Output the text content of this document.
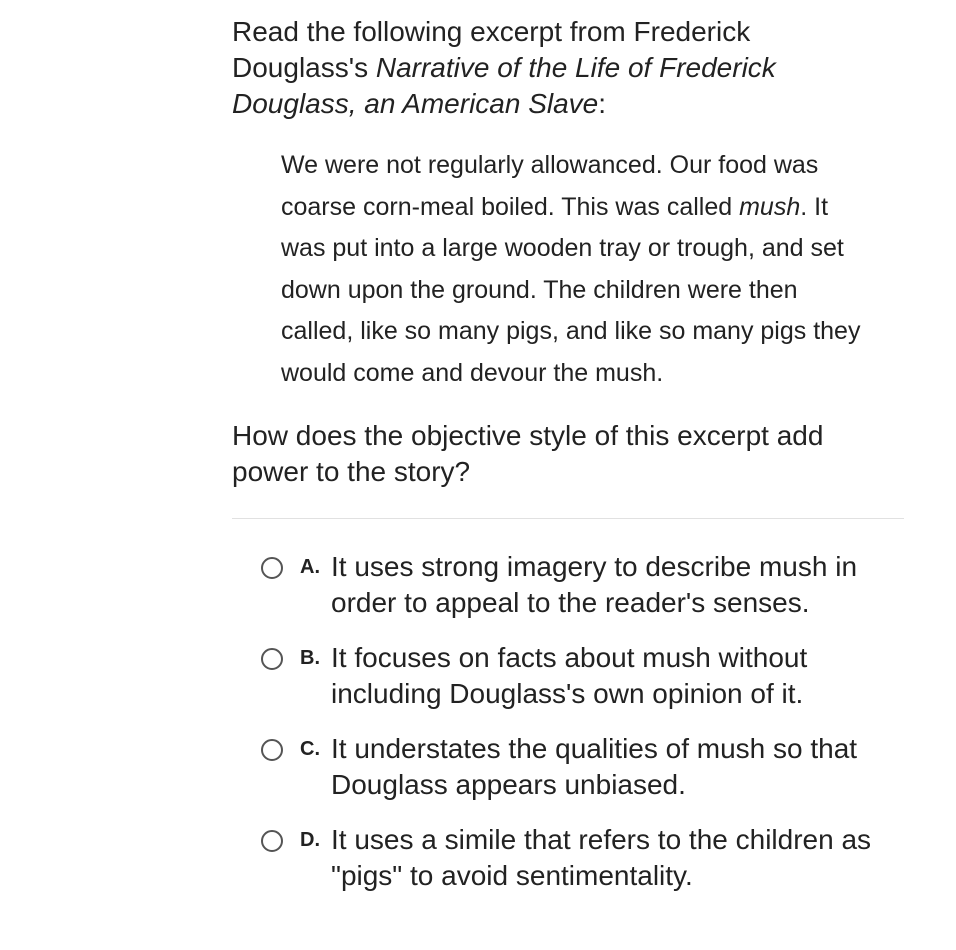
Read the following excerpt from Frederick Douglass's Narrative of the Life of Frederick Douglass, an American Slave:

We were not regularly allowanced. Our food was coarse corn-meal boiled. This was called mush. It was put into a large wooden tray or trough, and set down upon the ground. The children were then called, like so many pigs, and like so many pigs they would come and devour the mush.

How does the objective style of this excerpt add power to the story?

A. It uses strong imagery to describe mush in order to appeal to the reader's senses.
B. It focuses on facts about mush without including Douglass's own opinion of it.
C. It understates the qualities of mush so that Douglass appears unbiased.
D. It uses a simile that refers to the children as "pigs" to avoid sentimentality.
